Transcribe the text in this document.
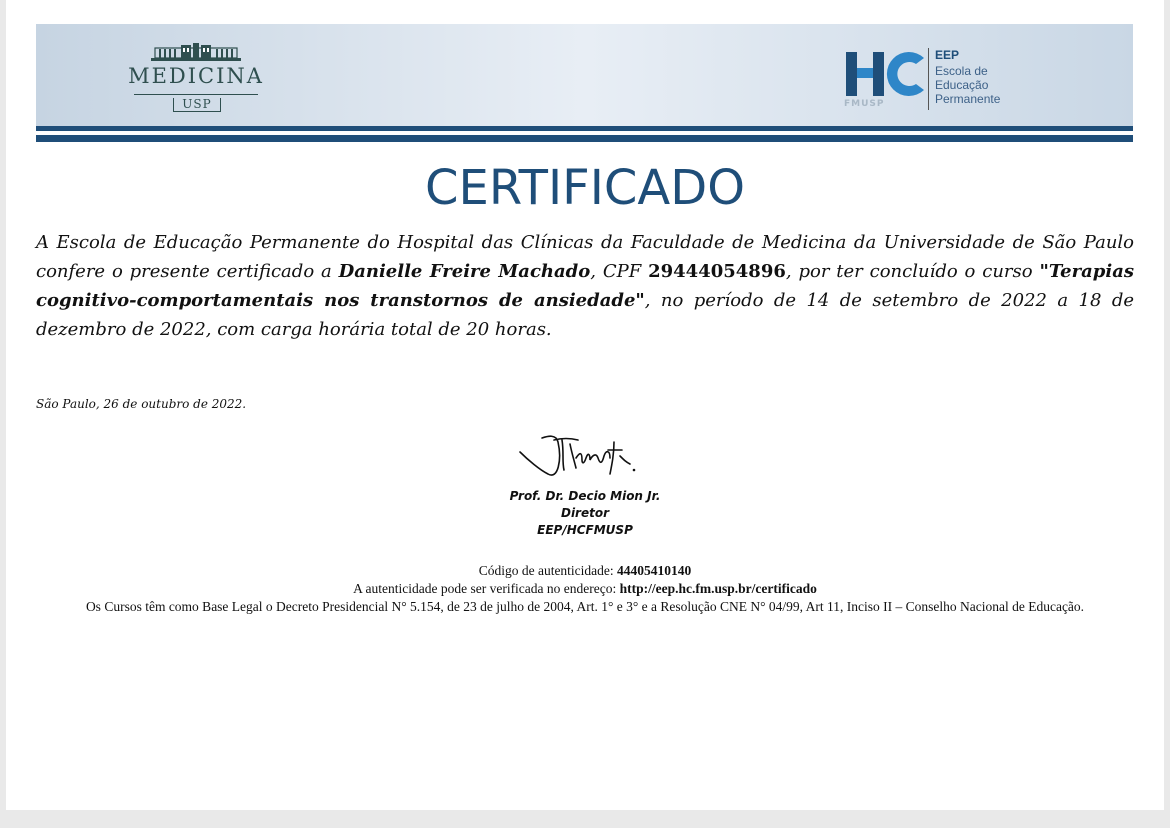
MEDICINA
USP	FMUSP
EEP
Escola de
Educação
Permanente
CERTIFICADO
A Escola de Educação Permanente do Hospital das Clínicas da Faculdade de Medicina da Universidade de São Paulo confere o presente certificado a Danielle Freire Machado, CPF 29444054896, por ter concluído o curso "Terapias cognitivo-comportamentais nos transtornos de ansiedade", no período de 14 de setembro de 2022 a 18 de dezembro de 2022, com carga horária total de 20 horas.
São Paulo, 26 de outubro de 2022.
Prof. Dr. Decio Mion Jr.
Diretor
EEP/HCFMUSP
Código de autenticidade: 44405410140
A autenticidade pode ser verificada no endereço: http://eep.hc.fm.usp.br/certificado
Os Cursos têm como Base Legal o Decreto Presidencial N° 5.154, de 23 de julho de 2004, Art. 1° e 3° e a Resolução CNE N° 04/99, Art 11, Inciso II – Conselho Nacional de Educação.
